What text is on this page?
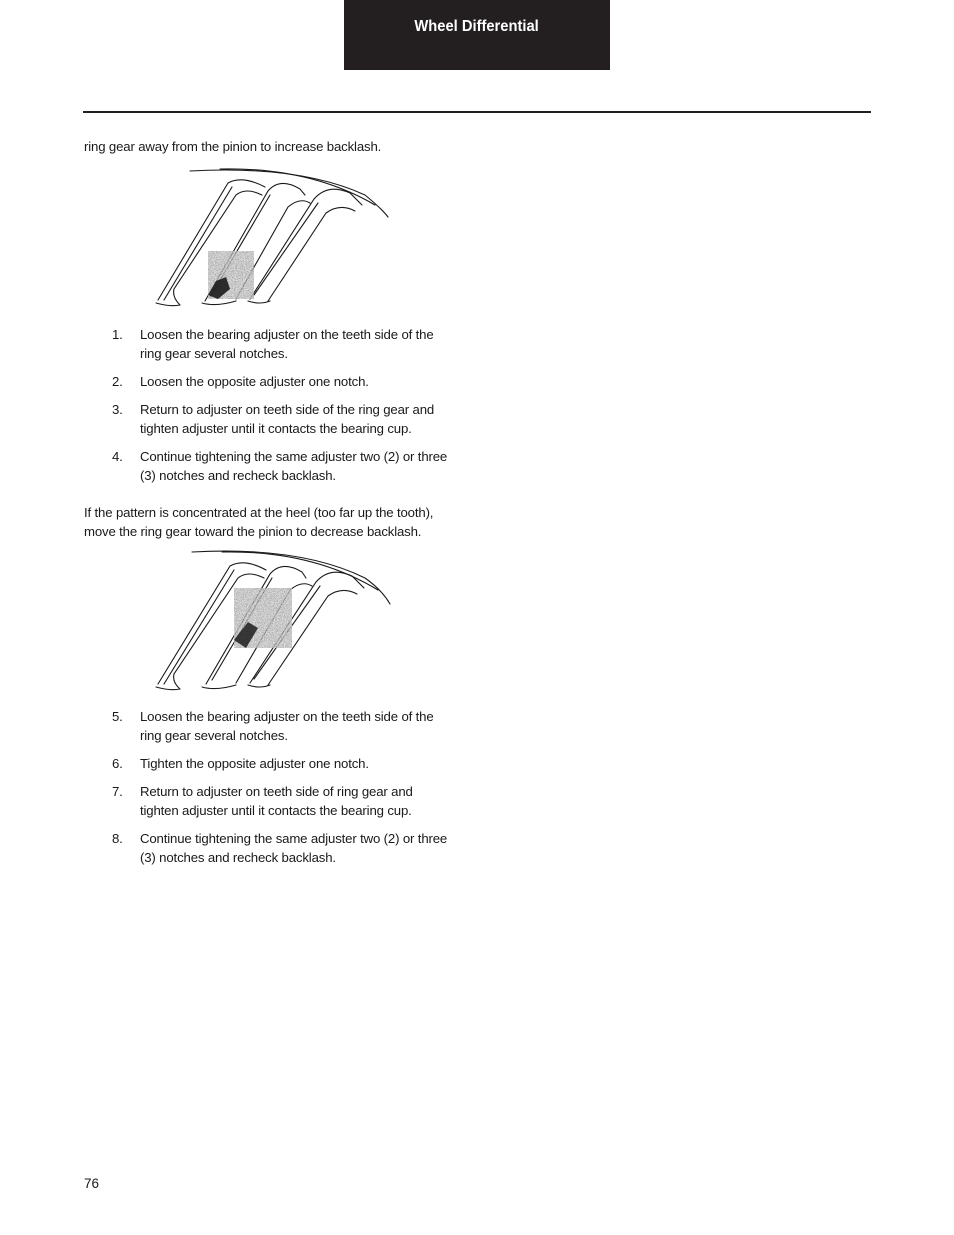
Wheel Differential
ring gear away from the pinion to increase backlash.
1. Loosen the bearing adjuster on the teeth side of the ring gear several notches.
2. Loosen the opposite adjuster one notch.
3. Return to adjuster on teeth side of the ring gear and tighten adjuster until it contacts the bearing cup.
4. Continue tightening the same adjuster two (2) or three (3) notches and recheck backlash.
If the pattern is concentrated at the heel (too far up the tooth), move the ring gear toward the pinion to decrease backlash.
5. Loosen the bearing adjuster on the teeth side of the ring gear several notches.
6. Tighten the opposite adjuster one notch.
7. Return to adjuster on teeth side of ring gear and tighten adjuster until it contacts the bearing cup.
8. Continue tightening the same adjuster two (2) or three (3) notches and recheck backlash.
76
